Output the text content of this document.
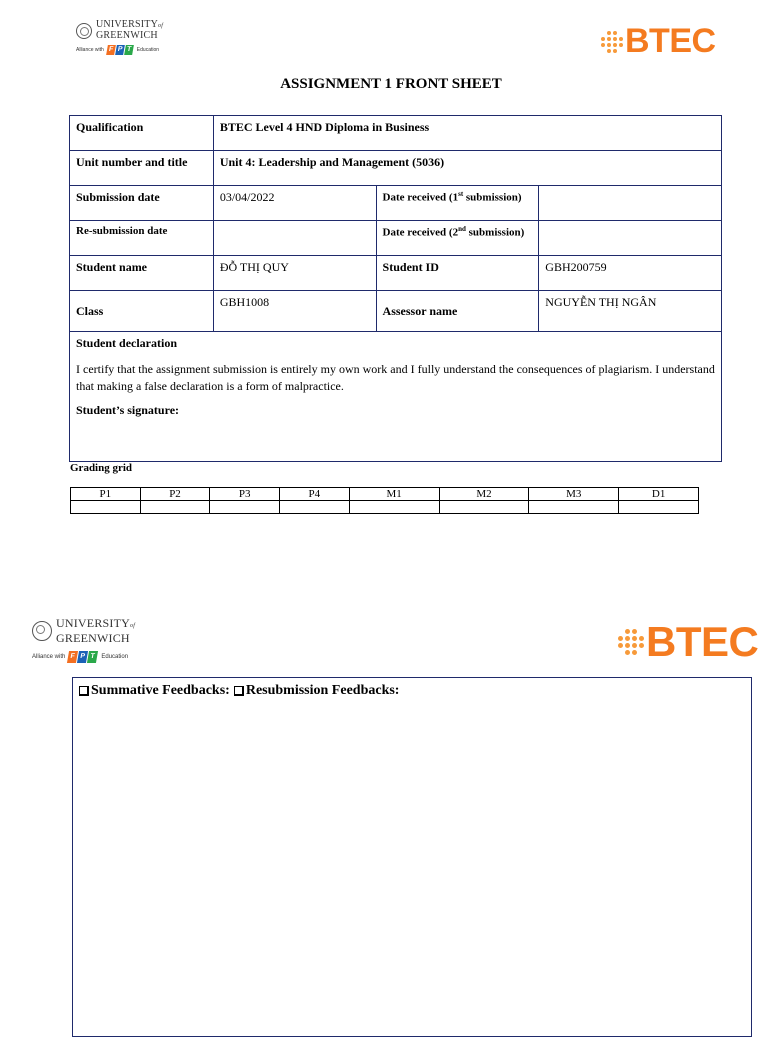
UNIVERSITYof
GREENWICH
Alliance with F P T	Education	BTEC
ASSIGNMENT 1 FRONT SHEET
Qualification	BTEC Level 4 HND Diploma in Business		
Unit number and title	Unit 4: Leadership and Management (5036)		
Submission date	03/04/2022	Date received (1st submission)	
Re-submission date		Date received (2nd submission)	
Student name	ĐỖ THỊ QUY	Student ID	GBH200759
Class	GBH1008	Assessor name	NGUYỄN THỊ NGÂN

Student declaration
I certify that the assignment submission is entirely my own work and I fully understand the consequences of plagiarism. I understand that making a false declaration is a form of malpractice.
Student’s signature:			
Grading grid
P1	P2	P3	P4	M1	M2	M3	D1

UNIVERSITYof
GREENWICH
Alliance with F P T Education	BTEC
Summative Feedbacks: Resubmission Feedbacks:
